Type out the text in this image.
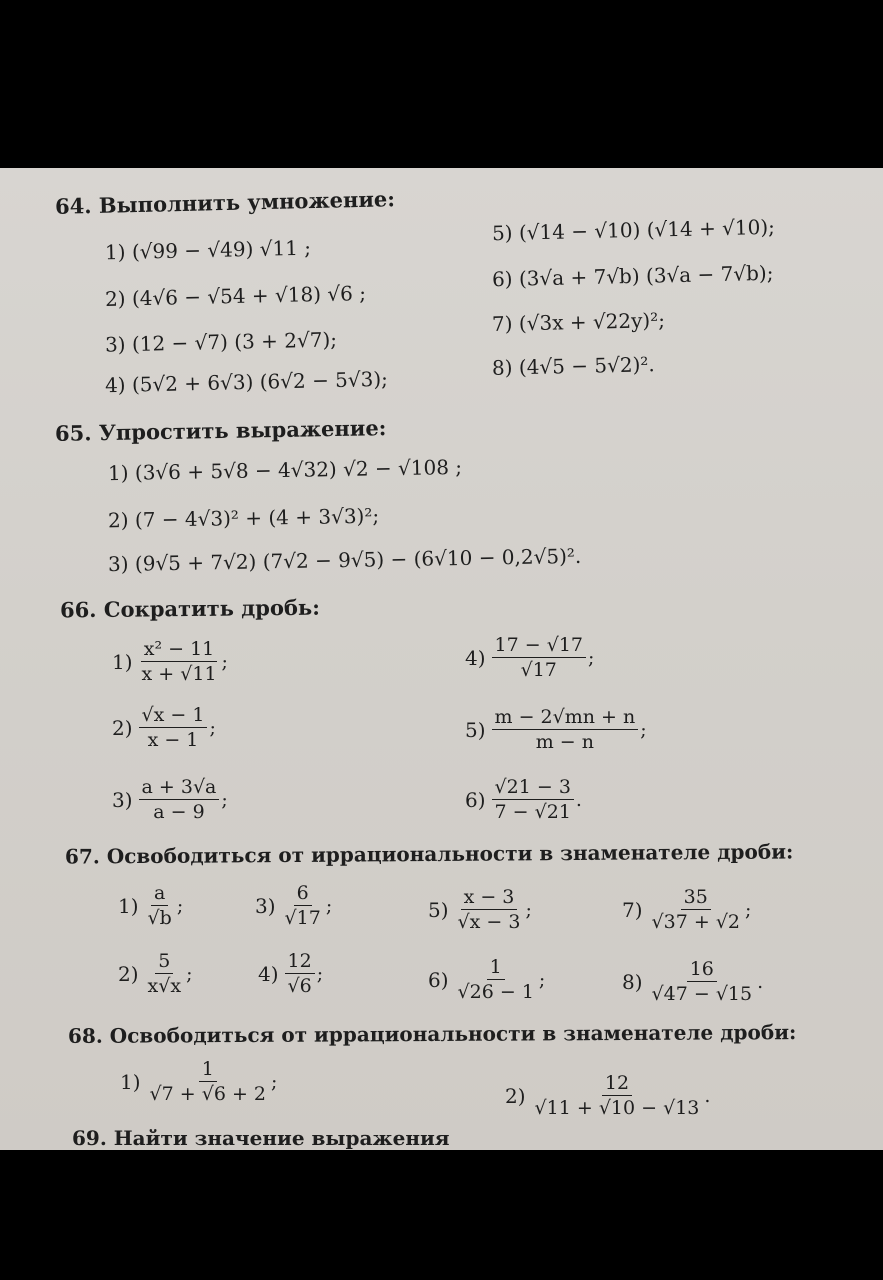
64. Выполнить умножение:
1) (√99 − √49) √11 ;
2) (4√6 − √54 + √18) √6 ;
3) (12 − √7) (3 + 2√7);
4) (5√2 + 6√3) (6√2 − 5√3);
5) (√14 − √10) (√14 + √10);
6) (3√a + 7√b) (3√a − 7√b);
7) (√3x + √22y)²;
8) (4√5 − 5√2)².
65. Упростить выражение:
1) (3√6 + 5√8 − 4√32) √2 − √108 ;
2) (7 − 4√3)² + (4 + 3√3)²;
3) (9√5 + 7√2) (7√2 − 9√5) − (6√10 − 0,2√5)².
66. Сократить дробь:
$1) \frac{\text{x² − 11}}{x + √11}$ ;
$2) \frac{√x - 1}{x - 1}$ ;
$3) \frac{a + 3√a}{a - 9}$ ;
$4) \frac{17 - √17}{√17}$ ;
$5) \frac{m - 2√mn + n}{m - n}$ ;
$6) \frac{√21 - 3}{7 - √21}$ .
67. Освободиться от иррациональности в знаменателе дроби:
$1) \frac{a}{√b}$ ;	$3) \frac{6}{√17}$ ;	$5) \frac{x - 3}{√x - 3}$ ;	$7) \frac{35}{√37 + √2}$ ;
$2) \frac{5}{x√x}$ ;	$4) \frac{12}{√6}$ ;	$6) \frac{1}{√26 - 1}$ ;	$8) \frac{16}{√47 - √15}$ .
68. Освободиться от иррациональности в знаменателе дроби:
$1) \frac{1}{√7 + √6 + 2}$ ;
$2) \frac{12}{√11 + √10 - √13}$ .
69. Найти значение выражения
